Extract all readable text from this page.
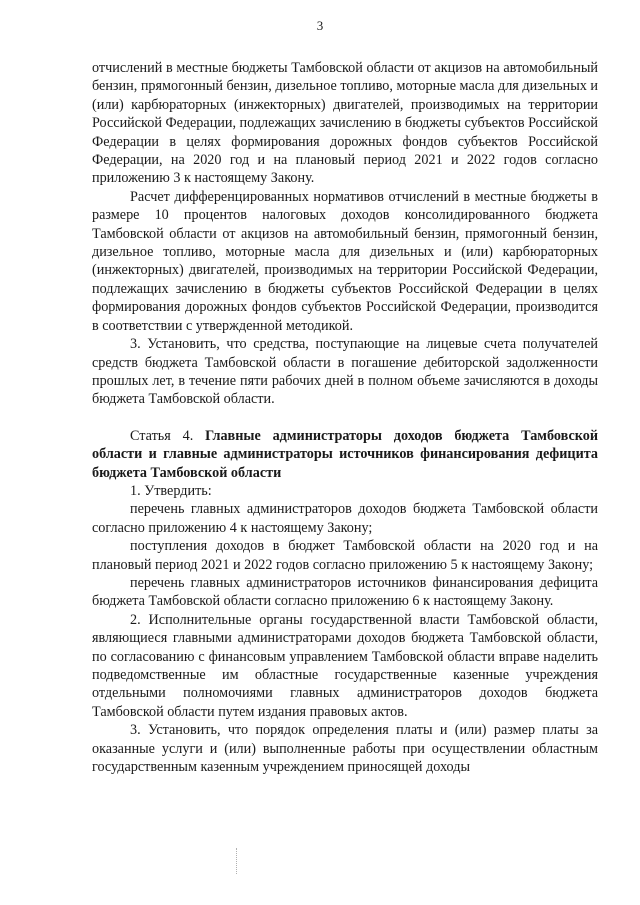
3

отчислений в местные бюджеты Тамбовской области от акцизов на автомобильный бензин, прямогонный бензин, дизельное топливо, моторные масла для дизельных и (или) карбюраторных (инжекторных) двигателей, производимых на территории Российской Федерации, подлежащих зачислению в бюджеты субъектов Российской Федерации в целях формирования дорожных фондов субъектов Российской Федерации, на 2020 год и на плановый период 2021 и 2022 годов согласно приложению 3 к настоящему Закону.

Расчет дифференцированных нормативов отчислений в местные бюджеты в размере 10 процентов налоговых доходов консолидированного бюджета Тамбовской области от акцизов на автомобильный бензин, прямогонный бензин, дизельное топливо, моторные масла для дизельных и (или) карбюраторных (инжекторных) двигателей, производимых на территории Российской Федерации, подлежащих зачислению в бюджеты субъектов Российской Федерации в целях формирования дорожных фондов субъектов Российской Федерации, производится в соответствии с утвержденной методикой.

3. Установить, что средства, поступающие на лицевые счета получателей средств бюджета Тамбовской области в погашение дебиторской задолженности прошлых лет, в течение пяти рабочих дней в полном объеме зачисляются в доходы бюджета Тамбовской области.

Статья 4. Главные администраторы доходов бюджета Тамбовской области и главные администраторы источников финансирования дефицита бюджета Тамбовской области

1. Утвердить:

перечень главных администраторов доходов бюджета Тамбовской области согласно приложению 4 к настоящему Закону;

поступления доходов в бюджет Тамбовской области на 2020 год и на плановый период 2021 и 2022 годов согласно приложению 5 к настоящему Закону;

перечень главных администраторов источников финансирования дефицита бюджета Тамбовской области согласно приложению 6 к настоящему Закону.

2. Исполнительные органы государственной власти Тамбовской области, являющиеся главными администраторами доходов бюджета Тамбовской области, по согласованию с финансовым управлением Тамбовской области вправе наделить подведомственные им областные государственные казенные учреждения отдельными полномочиями главных администраторов доходов бюджета Тамбовской области путем издания правовых актов.

3. Установить, что порядок определения платы и (или) размер платы за оказанные услуги и (или) выполненные работы при осуществлении областным государственным казенным учреждением приносящей доходы
